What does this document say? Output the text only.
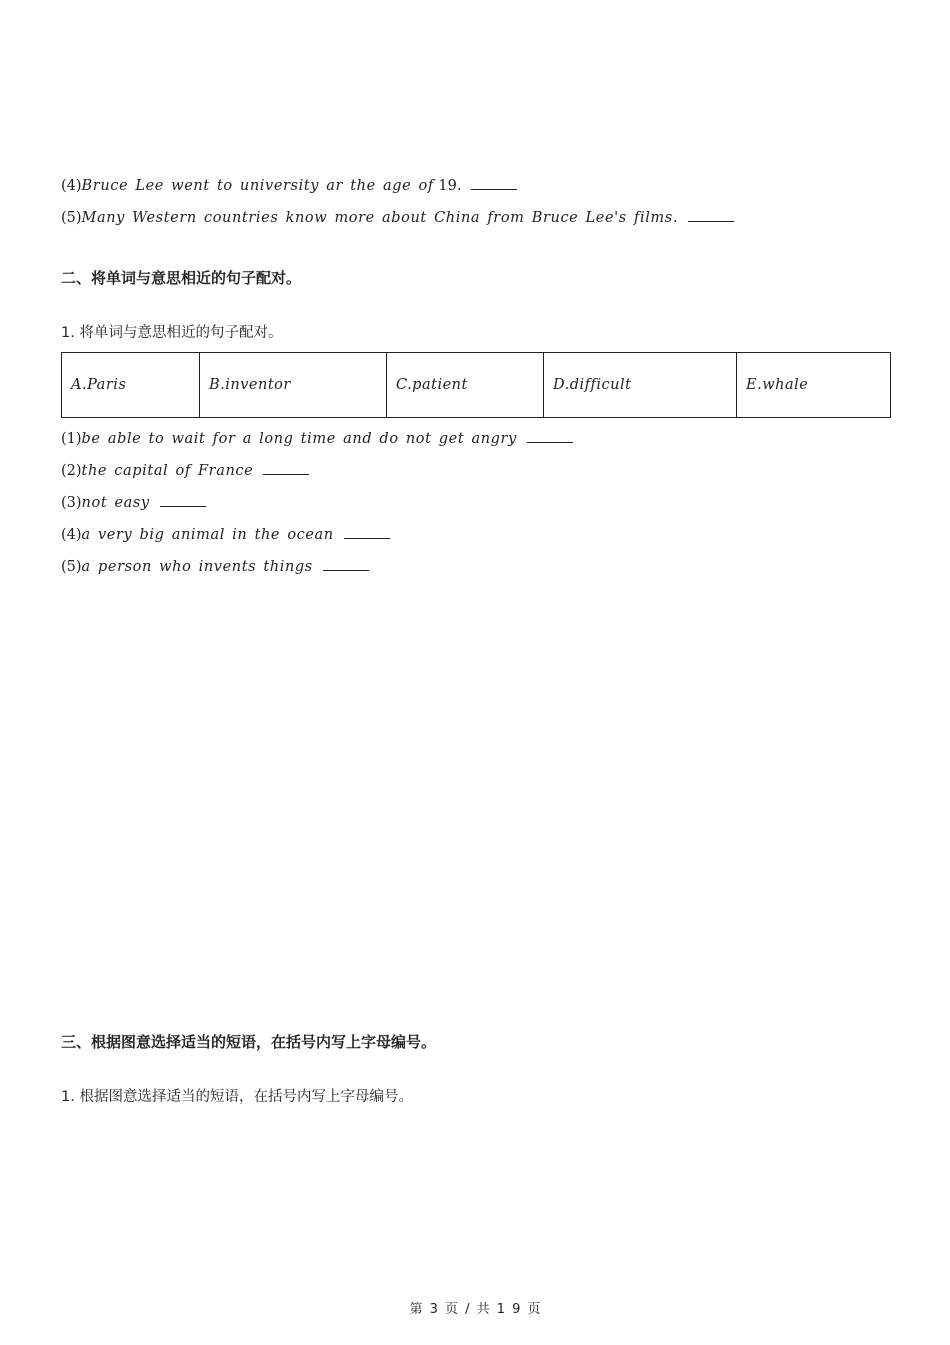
(4)Bruce Lee went to university ar the age of 19.
(5)Many Western countries know more about China from Bruce Lee's films.
二、将单词与意思相近的句子配对。
1. 将单词与意思相近的句子配对。
A.Paris	B.inventor	C.patient	D.difficult	E.whale
(1)be able to wait for a long time and do not get angry
(2)the capital of France
(3)not easy
(4)a very big animal in the ocean
(5)a person who invents things
三、根据图意选择适当的短语，在括号内写上字母编号。
1. 根据图意选择适当的短语，在括号内写上字母编号。
第 3 页 / 共 1 9 页
